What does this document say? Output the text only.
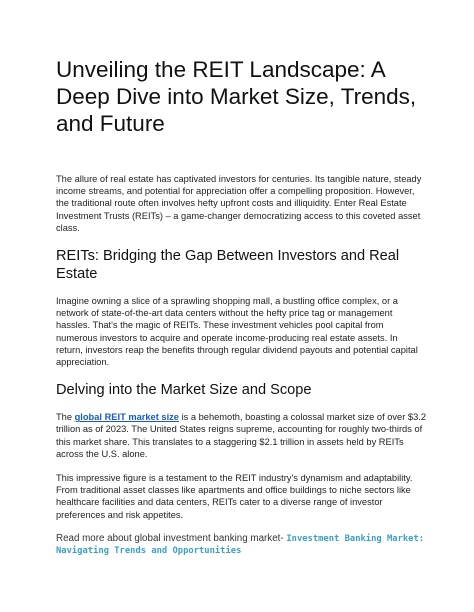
Unveiling the REIT Landscape: A Deep Dive into Market Size, Trends, and Future

The allure of real estate has captivated investors for centuries. Its tangible nature, steady income streams, and potential for appreciation offer a compelling proposition. However, the traditional route often involves hefty upfront costs and illiquidity. Enter Real Estate Investment Trusts (REITs) – a game-changer democratizing access to this coveted asset class.

REITs: Bridging the Gap Between Investors and Real Estate

Imagine owning a slice of a sprawling shopping mall, a bustling office complex, or a network of state-of-the-art data centers without the hefty price tag or management hassles. That's the magic of REITs. These investment vehicles pool capital from numerous investors to acquire and operate income-producing real estate assets. In return, investors reap the benefits through regular dividend payouts and potential capital appreciation.

Delving into the Market Size and Scope

The global REIT market size is a behemoth, boasting a colossal market size of over $3.2 trillion as of 2023. The United States reigns supreme, accounting for roughly two-thirds of this market share. This translates to a staggering $2.1 trillion in assets held by REITs across the U.S. alone.

This impressive figure is a testament to the REIT industry's dynamism and adaptability. From traditional asset classes like apartments and office buildings to niche sectors like healthcare facilities and data centers, REITs cater to a diverse range of investor preferences and risk appetites.

Read more about global investment banking market- Investment Banking Market: Navigating Trends and Opportunities
